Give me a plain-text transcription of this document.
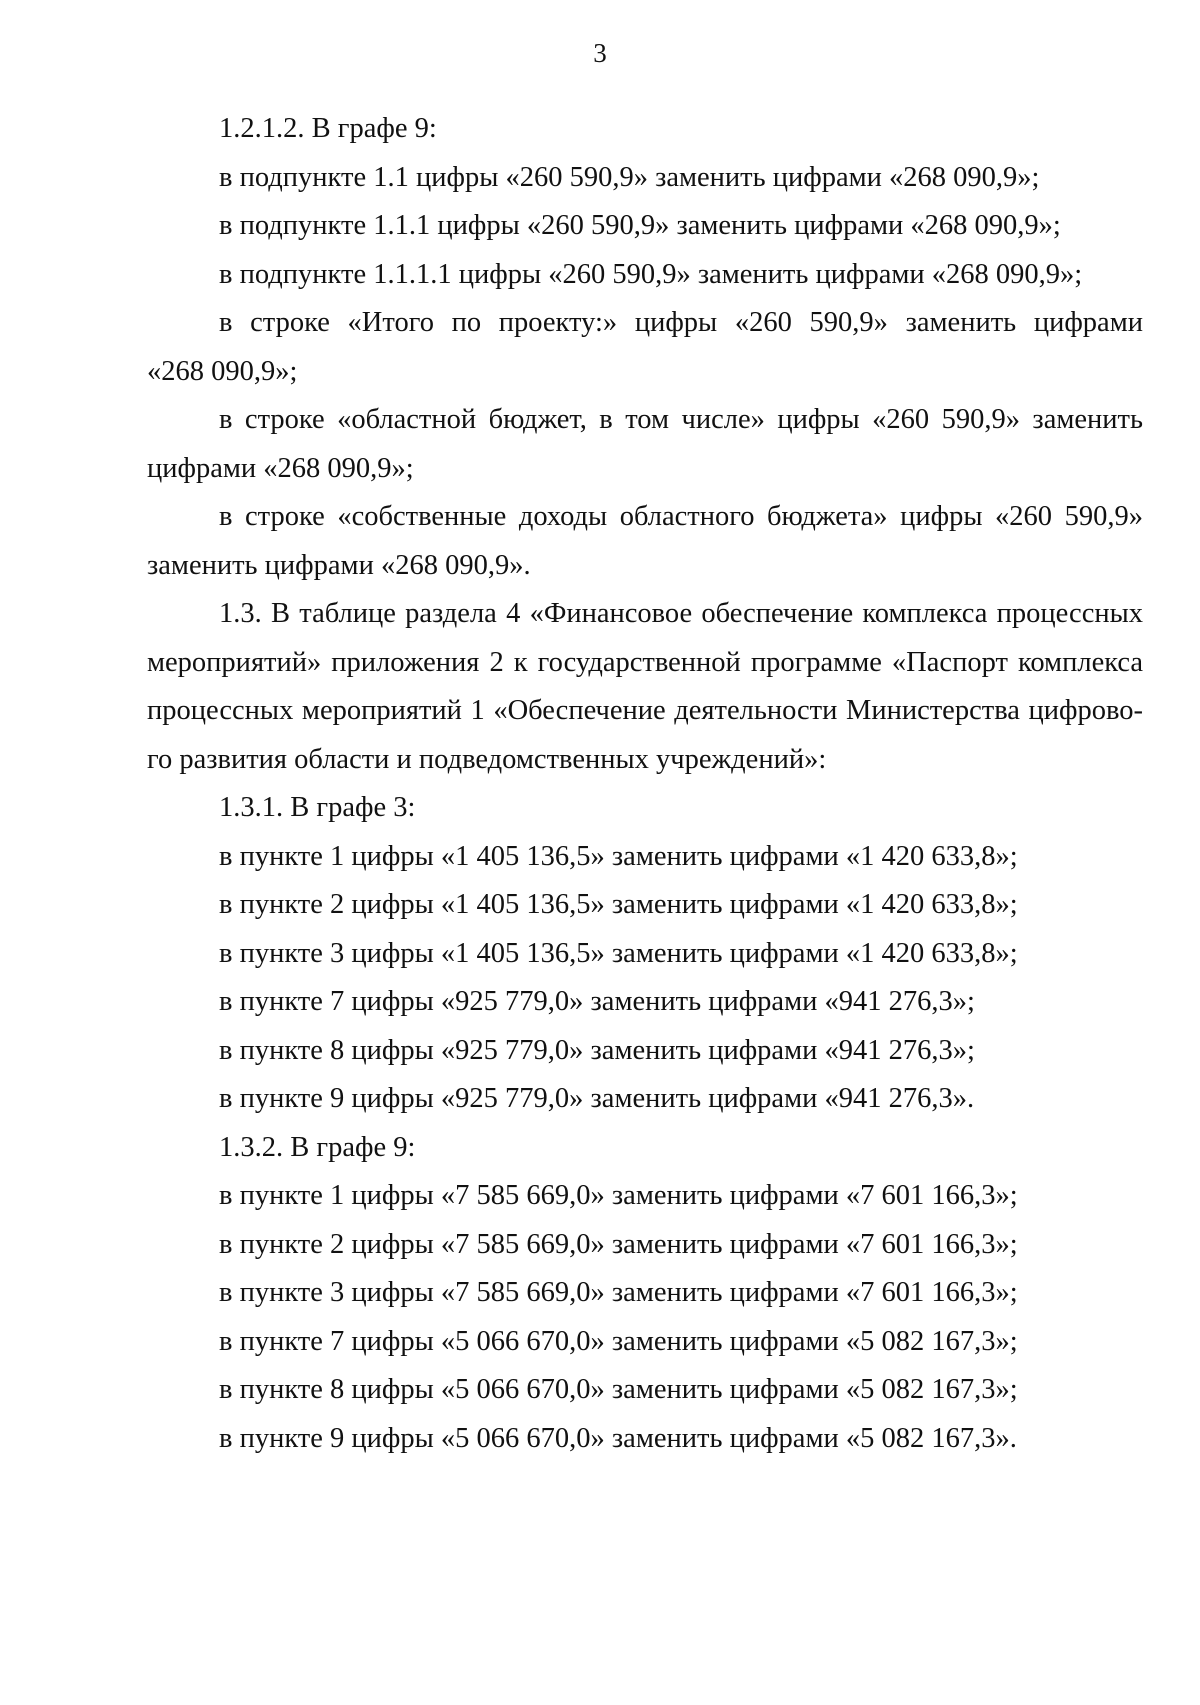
3

1.2.1.2. В графе 9:

в подпункте 1.1 цифры «260 590,9» заменить цифрами «268 090,9»;

в подпункте 1.1.1 цифры «260 590,9» заменить цифрами «268 090,9»;

в подпункте 1.1.1.1 цифры «260 590,9» заменить цифрами «268 090,9»;

в строке «Итого по проекту:» цифры «260 590,9» заменить цифрами

«268 090,9»;

в строке «областной бюджет, в том числе» цифры «260 590,9» заменить

цифрами «268 090,9»;

в строке «собственные доходы областного бюджета» цифры «260 590,9»

заменить цифрами «268 090,9».

1.3. В таблице раздела 4 «Финансовое обеспечение комплекса процессных

мероприятий» приложения 2 к государственной программе «Паспорт комплекса

процессных мероприятий 1 «Обеспечение деятельности Министерства цифрово-

го развития области и подведомственных учреждений»:

1.3.1. В графе 3:

в пункте 1 цифры «1 405 136,5» заменить цифрами «1 420 633,8»;

в пункте 2 цифры «1 405 136,5» заменить цифрами «1 420 633,8»;

в пункте 3 цифры «1 405 136,5» заменить цифрами «1 420 633,8»;

в пункте 7 цифры «925 779,0» заменить цифрами «941 276,3»;

в пункте 8 цифры «925 779,0» заменить цифрами «941 276,3»;

в пункте 9 цифры «925 779,0» заменить цифрами «941 276,3».

1.3.2. В графе 9:

в пункте 1 цифры «7 585 669,0» заменить цифрами «7 601 166,3»;

в пункте 2 цифры «7 585 669,0» заменить цифрами «7 601 166,3»;

в пункте 3 цифры «7 585 669,0» заменить цифрами «7 601 166,3»;

в пункте 7 цифры «5 066 670,0» заменить цифрами «5 082 167,3»;

в пункте 8 цифры «5 066 670,0» заменить цифрами «5 082 167,3»;

в пункте 9 цифры «5 066 670,0» заменить цифрами «5 082 167,3».
